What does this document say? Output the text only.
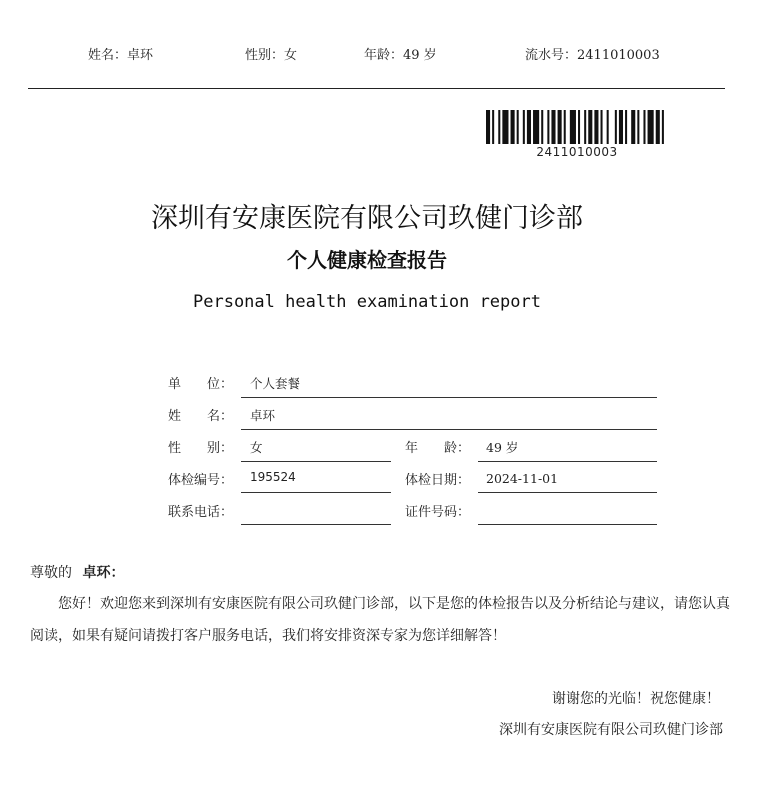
姓名：卓环	性别：女	年龄：49 岁	流水号：2411010003
2411010003
深圳有安康医院有限公司玖健门诊部
个人健康检查报告
Personal health examination report
单　　位： 个人套餐
姓　　名： 卓环
性　　别： 女	年　　龄： 49 岁
体检编号： 195524	体检日期： 2024-11-01
联系电话：	证件号码：
尊敬的 卓环：
您好！欢迎您来到深圳有安康医院有限公司玖健门诊部，以下是您的体检报告以及分析结论与建议，请您认真阅读，如果有疑问请拨打客户服务电话，我们将安排资深专家为您详细解答！
谢谢您的光临！祝您健康！
深圳有安康医院有限公司玖健门诊部
